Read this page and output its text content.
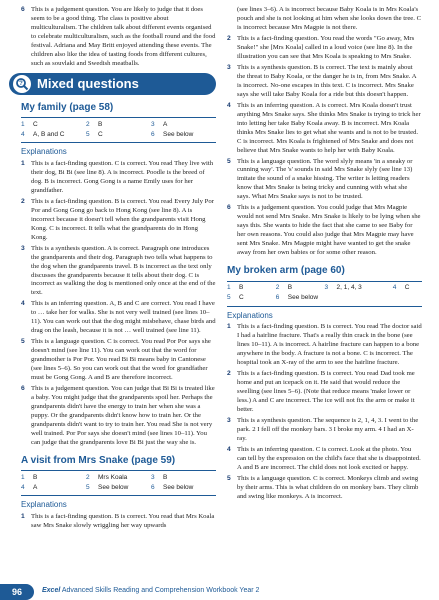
6 This is a judgement question. You are likely to judge that it does seem to be a good thing. The class is positive about multiculturalism. The children talk about different events organised to celebrate multiculturalism, such as the football round and the food festival. Adriana and May Britt enjoyed attending these events. The children also like the idea of tasting foods from different cultures, such as souvlaki and Swedish meatballs.
? Mixed questions
My family (page 58)
1	C	2	B	3	A
4	A, B and C	5	C	6	See below
Explanations
1 This is a fact-finding question. C is correct. You read They live with their dog, Bi Bi (see line 8). A is incorrect. Poodle is the breed of dog. B is incorrect. Gong Gong is a name Emily uses for her grandfather.
2 This is a fact-finding question. B is correct. You read Every July Por Por and Gong Gong go back to Hong Kong (see line 8). A is incorrect because it doesn't tell when the grandparents visit Hong Kong. C is incorrect. It tells what the grandparents do in Hong Kong.
3 This is a synthesis question. A is correct. Paragraph one introduces the grandparents and their dog. Paragraph two tells what happens to the dog when the grandparents travel. B is incorrect as the text only discusses the grandparents because it tells about their dog. C is incorrect as walking the dog is mentioned only once at the end of the text.
4 This is an inferring question. A, B and C are correct. You read I have to … take her for walks. She is not very well trained (see lines 10–11). You can work out that the dog might misbehave, chase birds and drag on the leash, because it is not … well trained (see line 11).
5 This is a language question. C is correct. You read Por Por says she doesn't mind (see line 11). You can work out that the word for grandmother is Por Por. You read Bi Bi means baby in Cantonese (see lines 5–6). So you can work out that the word for grandfather must be Gong Gong. A and B are therefore incorrect.
6 This is a judgement question. You can judge that Bi Bi is treated like a baby. You might judge that the grandparents spoil her. Perhaps the grandparents didn't have the energy to train her when she was a puppy. Or the grandparents didn't know how to train her. Or the grandparents didn't want to try to train her. You read She is not very well trained. Por Por says she doesn't mind (see lines 10–11). You can judge that the grandparents love Bi Bi just the way she is.
A visit from Mrs Snake (page 59)
1	B	2	Mrs Koala	3	B
4	A	5	See below	6	See below
Explanations
1 This is a fact-finding question. B is correct. You read that Mrs Koala saw Mrs Snake slowly wriggling her way upwards
(see lines 3–6). A is incorrect because Baby Koala is in Mrs Koala's pouch and she is not looking at him when she looks down the tree. C is incorrect because Mrs Magpie is not there.
2 This is a fact-finding question. You read the words "Go away, Mrs Snake!" she [Mrs Koala] called in a loud voice (see line 8). In the illustration you can see that Mrs Koala is speaking to Mrs Snake.
3 This is a synthesis question. B is correct. The text is mainly about the threat to Baby Koala, or the danger he is in, from Mrs Snake. A is incorrect. No-one escapes in this text. C is incorrect. Mrs Snake says she will take Baby Koala for a ride but this doesn't happen.
4 This is an inferring question. A is correct. Mrs Koala doesn't trust anything Mrs Snake says. She thinks Mrs Snake is trying to trick her into letting her take Baby Koala away. B is incorrect. Mrs Koala thinks Mrs Snake lies to get what she wants and is not to be trusted. C is incorrect. Mrs Koala is frightened of Mrs Snake and does not believe that Mrs Snake wants to help her with Baby Koala.
5 This is a language question. The word slyly means 'in a sneaky or cunning way'. The 's' sounds in said Mrs Snake slyly (see line 13) imitate the sound of a snake hissing. The writer is letting readers know that Mrs Snake is being tricky and cunning with what she says. What Mrs Snake says is not to be trusted.
6 This is a judgement question. You could judge that Mrs Magpie would not send Mrs Snake. Mrs Snake is likely to be lying when she says this. She wants to hide the fact that she came to see Baby for her own reasons. You could also judge that Mrs Magpie may have sent Mrs Snake. Mrs Magpie might have wanted to get the snake away from her own babies or for some other reason.
My broken arm (page 60)
1	B	2	B	3	2, 1, 4, 3	4	C
5	C	6	See below
Explanations
1 This is a fact-finding question. B is correct. You read The doctor said I had a hairline fracture. That's a really thin crack in the bone (see lines 10–11). A is incorrect. A hairline fracture can happen to a bone anywhere in the body. A fracture is not a bone. C is incorrect. The hospital took an X-ray of the arm to see the hairline fracture.
2 This is a fact-finding question. B is correct. You read Dad took me home and put an icepack on it. He said that would reduce the swelling (see lines 5–6). (Note that reduce means 'make lower or less.) A and C are incorrect. The ice will not fix the arm or make it better.
3 This is a synthesis question. The sequence is 2, 1, 4, 3. I went to the park. 2 I fell off the monkey bars. 3 I broke my arm. 4 I had an X-ray.
4 This is an inferring question. C is correct. Look at the photo. You can tell by the expression on the child's face that she is disappointed. A and B are incorrect. The child does not look excited or happy.
5 This is a language question. C is correct. Monkeys climb and swing by their arms. This is what children do on monkey bars. They climb and swing like monkeys. A is incorrect.
96	Excel Advanced Skills Reading and Comprehension Workbook Year 2
